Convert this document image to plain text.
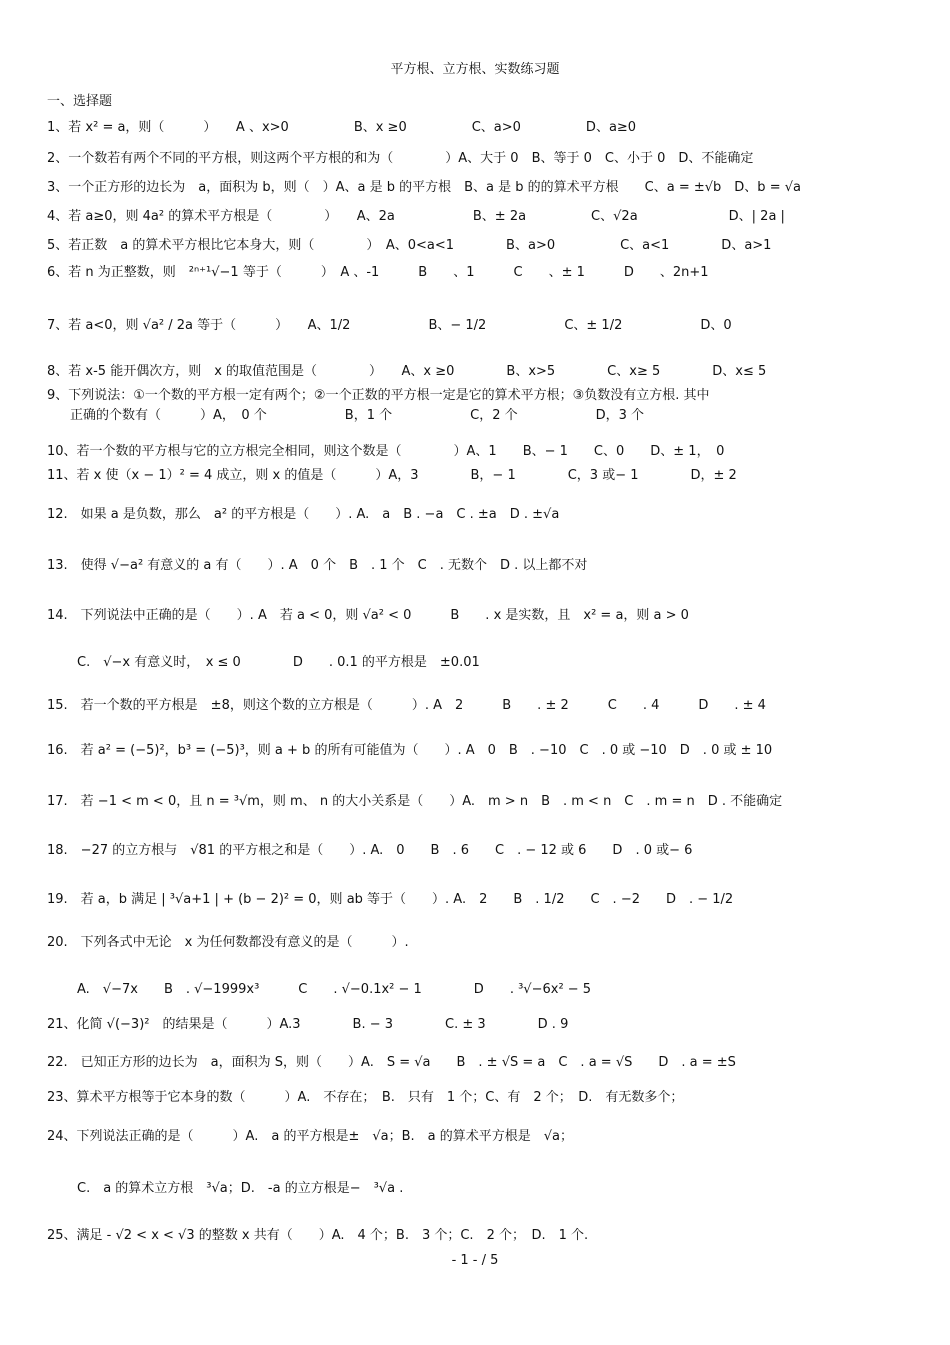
平方根、立方根、实数练习题
一、选择题
1、若 x² = a，则（　　　）　　A 、x>0　　　　　B、x ≥0　　　　　C、a>0　　　　　D、a≥0
2、一个数若有两个不同的平方根，则这两个平方根的和为（　　　　）A、大于 0　B、等于 0　C、小于 0　D、不能确定
3、一个正方形的边长为　a，面积为 b，则（　）A、a 是 b 的平方根　B、a 是 b 的的算术平方根　　C、a = ±√b　D、b = √a
4、若 a≥0，则 4a² 的算术平方根是（　　　　）　　A、2a　　　　　　B、± 2a　　　　　C、√2a　　　　　　　D、| 2a |
5、若正数　a 的算术平方根比它本身大，则（　　　　）　A、0<a<1　　　　B、a>0　　　　　C、a<1　　　　D、a>1
6、若 n 为正整数，则　²ⁿ⁺¹√−1 等于（　　　）　A 、-1　　　B　　、1　　　C　　、± 1　　　D　　、2n+1
7、若 a<0，则 √a² / 2a 等于（　　　）　　A、1/2　　　　　　B、− 1/2　　　　　　C、± 1/2　　　　　　D、0
8、若 x-5 能开偶次方，则　x 的取值范围是（　　　　）　　A、x ≥0　　　　B、x>5　　　　C、x≥ 5　　　　D、x≤ 5
9、下列说法：①一个数的平方根一定有两个；②一个正数的平方根一定是它的算术平方根；③负数没有立方根. 其中
正确的个数有（　　　）A，　0 个　　　　　　B，1 个　　　　　　C，2 个　　　　　　D，3 个
10、若一个数的平方根与它的立方根完全相同，则这个数是（　　　　）A、1　　B、− 1　　C、0　　D、± 1，　0
11、若 x 使（x − 1）² = 4 成立，则 x 的值是（　　　）A，3　　　　B，− 1　　　　C，3 或− 1　　　　D，± 2
12.　如果 a 是负数，那么　a² 的平方根是（　　）. A.　a　B . −a　C . ±a　D . ±√a
13.　使得 √−a² 有意义的 a 有（　　）. A　0 个　B　. 1 个　C　. 无数个　D . 以上都不对
14.　下列说法中正确的是（　　）. A　若 a < 0，则 √a² < 0　　　B　　. x 是实数，且　x² = a，则 a > 0
C.　√−x 有意义时，　x ≤ 0　　　　D　　. 0.1 的平方根是　±0.01
15.　若一个数的平方根是　±8，则这个数的立方根是（　　　）. A　2　　　B　　. ± 2　　　C　　. 4　　　D　　. ± 4
16.　若 a² = (−5)²，b³ = (−5)³，则 a + b 的所有可能值为（　　）. A　0　B　. −10　C　. 0 或 −10　D　. 0 或 ± 10
17.　若 −1 < m < 0，且 n = ³√m，则 m、 n 的大小关系是（　　）A.　m > n　B　. m < n　C　. m = n　D . 不能确定
18.　−27 的立方根与　√81 的平方根之和是（　　）. A.　0　　B　. 6　　C　. − 12 或 6　　D　. 0 或− 6
19.　若 a，b 满足 | ³√a+1 | + (b − 2)² = 0，则 ab 等于（　　）. A.　2　　B　. 1/2　　C　. −2　　D　. − 1/2
20.　下列各式中无论　x 为任何数都没有意义的是（　　　）.
A.　√−7x　　B　. √−1999x³　　　C　　. √−0.1x² − 1　　　　D　　. ³√−6x² − 5
21、化简 √(−3)²　的结果是（　　　）A.3　　　　B. − 3　　　　C. ± 3　　　　D . 9
22.　已知正方形的边长为　a，面积为 S，则（　　）A.　S = √a　　B　. ± √S = a　C　. a = √S　　D　. a = ±S
23、算术平方根等于它本身的数（　　　）A.　不存在；　B.　只有　1 个；C、有　2 个；　D.　有无数多个；
24、下列说法正确的是（　　　）A.　a 的平方根是±　√a；B.　a 的算术平方根是　√a；
C.　a 的算术立方根　³√a；D.　-a 的立方根是−　³√a .
25、满足 - √2 < x < √3 的整数 x 共有（　　）A.　4 个；B.　3 个；C.　2 个；　D.　1 个.
- 1 - / 5
